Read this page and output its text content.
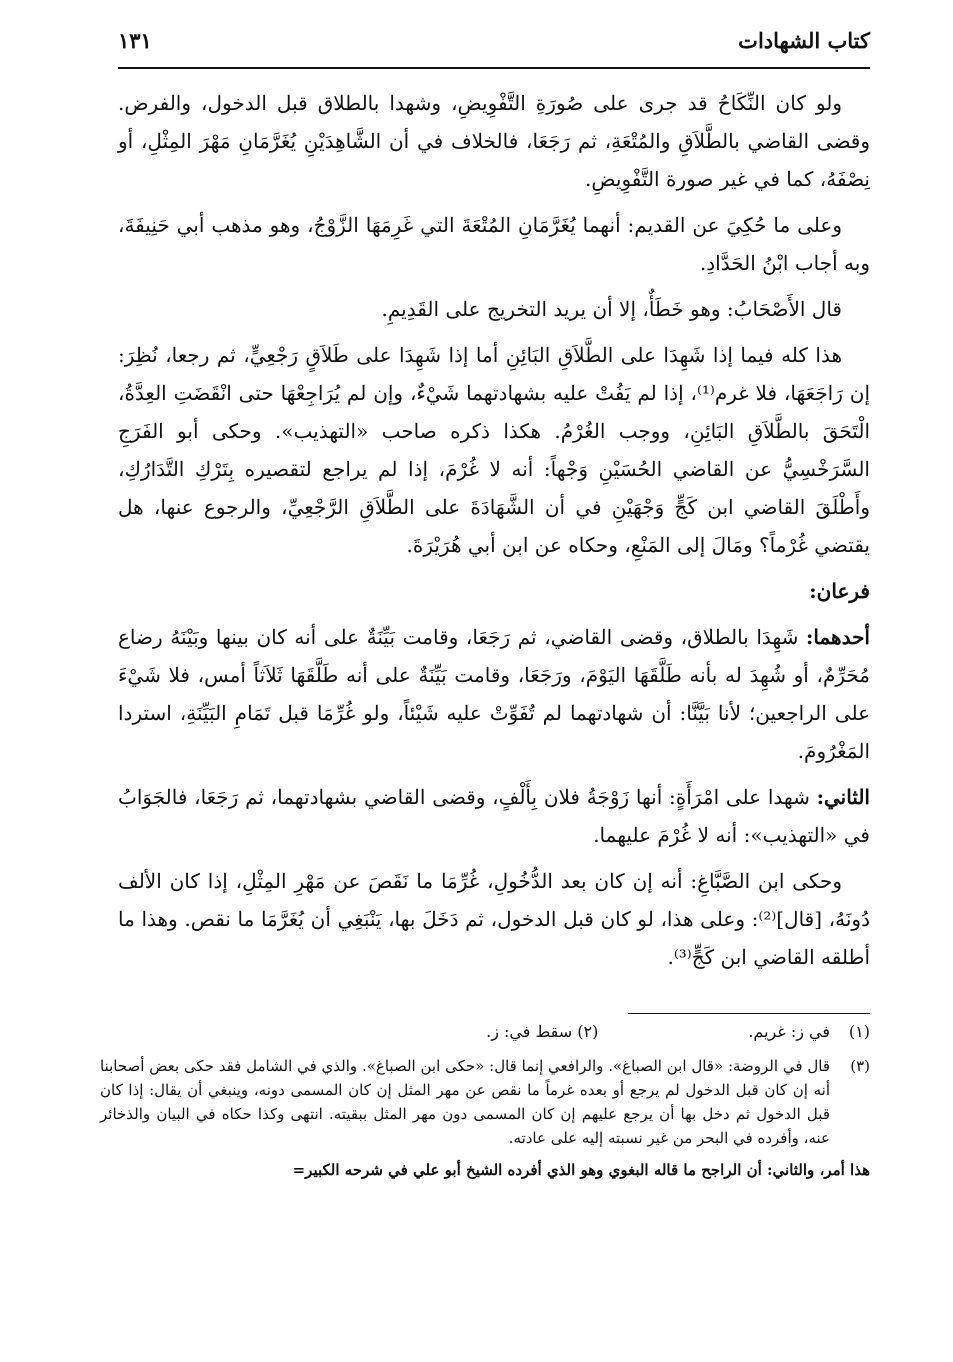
كتاب الشهادات
١٣١

ولو كان النِّكَاحُ قد جرى على صُورَةِ التَّفْوِيضِ، وشهدا بالطلاق قبل الدخول، والفرض. وقضى القاضي بالطَّلاَقِ والمُتْعَةِ، ثم رَجَعَا، فالخلاف في أن الشَّاهِدَيْنِ يُغَرَّمَانِ مَهْرَ المِثْلِ، أو نِصْفَهُ، كما في غير صورة التَّفْوِيضِ.

وعلى ما حُكِيَ عن القديم: أنهما يُغَرَّمَانِ المُتْعَةَ التي غَرِمَهَا الزَّوْجُ، وهو مذهب أبي حَنِيفَةَ، وبه أجاب ابْنُ الحَدَّادِ.

قال الأَصْحَابُ: وهو خَطَأٌ، إلا أن يريد التخريج على القَدِيمِ.

هذا كله فيما إذا شَهِدَا على الطَّلاَقِ البَائِنِ أما إذا شَهِدَا على طَلاَقٍ رَجْعِيٍّ، ثم رجعا، نُظِرَ: إن رَاجَعَهَا، فلا غرم⁽¹⁾، إذا لم يَفُتْ عليه بشهادتهما شَيْءٌ، وإن لم يُرَاجِعْهَا حتى انْقَضَتِ العِدَّةُ، الْتَحَقَ بالطَّلاَقِ البَائِنِ، ووجب الغُرْمُ. هكذا ذكره صاحب «التهذيب». وحكى أبو الفَرَجِ السَّرَخْسِيُّ عن القاضي الحُسَيْنِ وَجْهاً: أنه لا غُرْمَ، إذا لم يراجع لتقصيره بِتَرْكِ التَّدَارُكِ، وأَطْلَقَ القاضي ابن كَجٍّ وَجْهَيْنِ في أن الشَّهَادَةَ على الطَّلاَقِ الرَّجْعِيِّ، والرجوع عنها، هل يقتضي غُرْماً؟ ومَالَ إلى المَنْعِ، وحكاه عن ابن أبي هُرَيْرَةَ.

فرعان:

أحدهما: شَهِدَا بالطلاق، وقضى القاضي، ثم رَجَعَا، وقامت بَيِّنَةٌ على أنه كان بينها وبَيْنَهُ رضاع مُحَرِّمٌ، أو شُهِدَ له بأنه طَلَّقَهَا اليَوْمَ، ورَجَعَا، وقامت بَيِّنَةٌ على أنه طَلَّقَهَا ثَلاَثاً أمس، فلا شَيْءَ على الراجعين؛ لأنا بَيَّنَّا: أن شهادتهما لم تُفَوِّتْ عليه شَيْئاً، ولو غُرِّمَا قبل تَمَامِ البَيِّنَةِ، استردا المَغْرُومَ.

الثاني: شهدا على امْرَأَةٍ: أنها زَوْجَةُ فلان بِأَلْفٍ، وقضى القاضي بشهادتهما، ثم رَجَعَا، فالجَوَابُ في «التهذيب»: أنه لا غُرْمَ عليهما.

وحكى ابن الصَّبَّاغِ: أنه إن كان بعد الدُّخُولِ، غُرِّمَا ما نَقَصَ عن مَهْرِ المِثْلِ، إذا كان الألف دُونَهُ، [قال]⁽²⁾: وعلى هذا، لو كان قبل الدخول، ثم دَخَلَ بها، يَنْبَغِي أن يُغَرَّمَا ما نقص. وهذا ما أطلقه القاضي ابن كَجٍّ⁽³⁾.

(١)في ز: غريم.
(٢) سقط في: ز.
(٣)
قال في الروضة: «قال ابن الصباغ». والرافعي إنما قال: «حكى ابن الصباغ». والذي في الشامل فقد حكى بعض أصحابنا أنه إن كان قبل الدخول لم يرجع أو بعده غرماً ما نقص عن مهر المثل إن كان المسمى دونه، وينبغي أن يقال: إذا كان قبل الدخول ثم دخل بها أن يرجع عليهم إن كان المسمى دون مهر المثل ببقيته. انتهى وكذا حكاه في البيان والذخائر عنه، وأفرده في البحر من غير نسبته إليه على عادته.
هذا أمر، والثاني: أن الراجح ما قاله البغوي وهو الذي أفرده الشيخ أبو علي في شرحه الكبير=
